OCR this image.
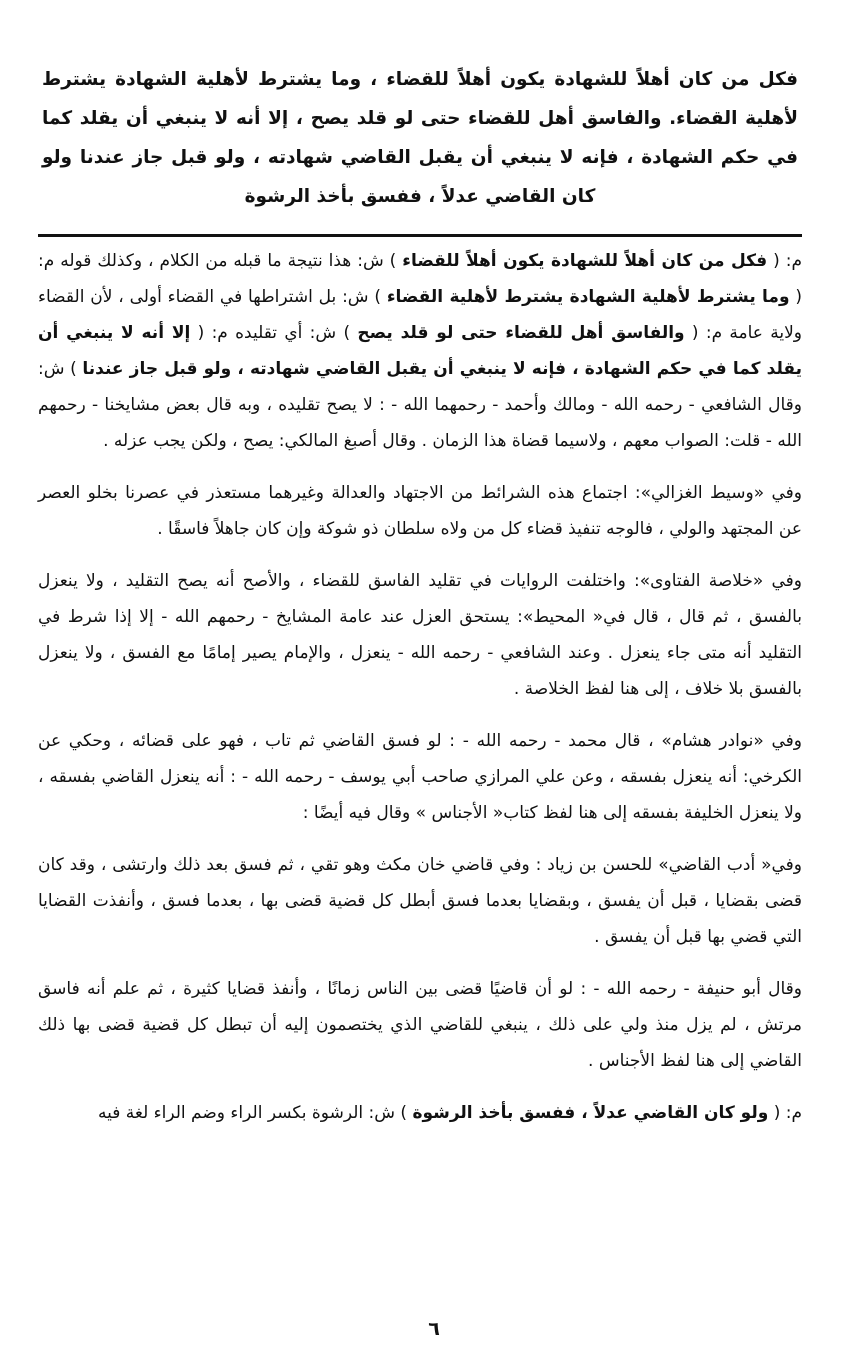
فكل من كان أهلاً للشهادة يكون أهلاً للقضاء ، وما يشترط لأهلية الشهادة يشترط لأهلية القضاء. والفاسق أهل للقضاء حتى لو قلد يصح ، إلا أنه لا ينبغي أن يقلد كما في حكم الشهادة ، فإنه لا ينبغي أن يقبل القاضي شهادته ، ولو قبل جاز عندنا ولو كان القاضي عدلاً ، ففسق بأخذ الرشوة

م: ( فكل من كان أهلاً للشهادة يكون أهلاً للقضاء ) ش: هذا نتيجة ما قبله من الكلام ، وكذلك قوله م: ( وما يشترط لأهلية الشهادة يشترط لأهلية القضاء ) ش: بل اشتراطها في القضاء أولى ، لأن القضاء ولاية عامة م: ( والفاسق أهل للقضاء حتى لو قلد يصح ) ش: أي تقليده م: ( إلا أنه لا ينبغي أن يقلد كما في حكم الشهادة ، فإنه لا ينبغي أن يقبل القاضي شهادته ، ولو قبل جاز عندنا ) ش: وقال الشافعي - رحمه الله - ومالك وأحمد - رحمهما الله - : لا يصح تقليده ، وبه قال بعض مشايخنا - رحمهم الله - قلت: الصواب معهم ، ولاسيما قضاة هذا الزمان . وقال أصبغ المالكي: يصح ، ولكن يجب عزله .

وفي «وسيط الغزالي»: اجتماع هذه الشرائط من الاجتهاد والعدالة وغيرهما مستعذر في عصرنا بخلو العصر عن المجتهد والولي ، فالوجه تنفيذ قضاء كل من ولاه سلطان ذو شوكة وإن كان جاهلاً فاسقًا .

وفي «خلاصة الفتاوى»: واختلفت الروايات في تقليد الفاسق للقضاء ، والأصح أنه يصح التقليد ، ولا ينعزل بالفسق ، ثم قال ، قال في« المحيط»: يستحق العزل عند عامة المشايخ - رحمهم الله - إلا إذا شرط في التقليد أنه متى جاء ينعزل . وعند الشافعي - رحمه الله - ينعزل ، والإمام يصير إمامًا مع الفسق ، ولا ينعزل بالفسق بلا خلاف ، إلى هنا لفظ الخلاصة .

وفي «نوادر هشام» ، قال محمد - رحمه الله - : لو فسق القاضي ثم تاب ، فهو على قضائه ، وحكي عن الكرخي: أنه ينعزل بفسقه ، وعن علي المرازي صاحب أبي يوسف - رحمه الله - : أنه ينعزل القاضي بفسقه ، ولا ينعزل الخليفة بفسقه إلى هنا لفظ كتاب« الأجناس » وقال فيه أيضًا :

وفي« أدب القاضي» للحسن بن زياد : وفي قاضي خان مكث وهو تقي ، ثم فسق بعد ذلك وارتشى ، وقد كان قضى بقضايا ، قبل أن يفسق ، وبقضايا بعدما فسق أبطل كل قضية قضى بها ، بعدما فسق ، وأنفذت القضايا التي قضي بها قبل أن يفسق .

وقال أبو حنيفة - رحمه الله - : لو أن قاضيًا قضى بين الناس زمانًا ، وأنفذ قضايا كثيرة ، ثم علم أنه فاسق مرتش ، لم يزل منذ ولي على ذلك ، ينبغي للقاضي الذي يختصمون إليه أن تبطل كل قضية قضى بها ذلك القاضي إلى هنا لفظ الأجناس .

م: ( ولو كان القاضي عدلاً ، ففسق بأخذ الرشوة ) ش: الرشوة بكسر الراء وضم الراء لغة فيه

٦
